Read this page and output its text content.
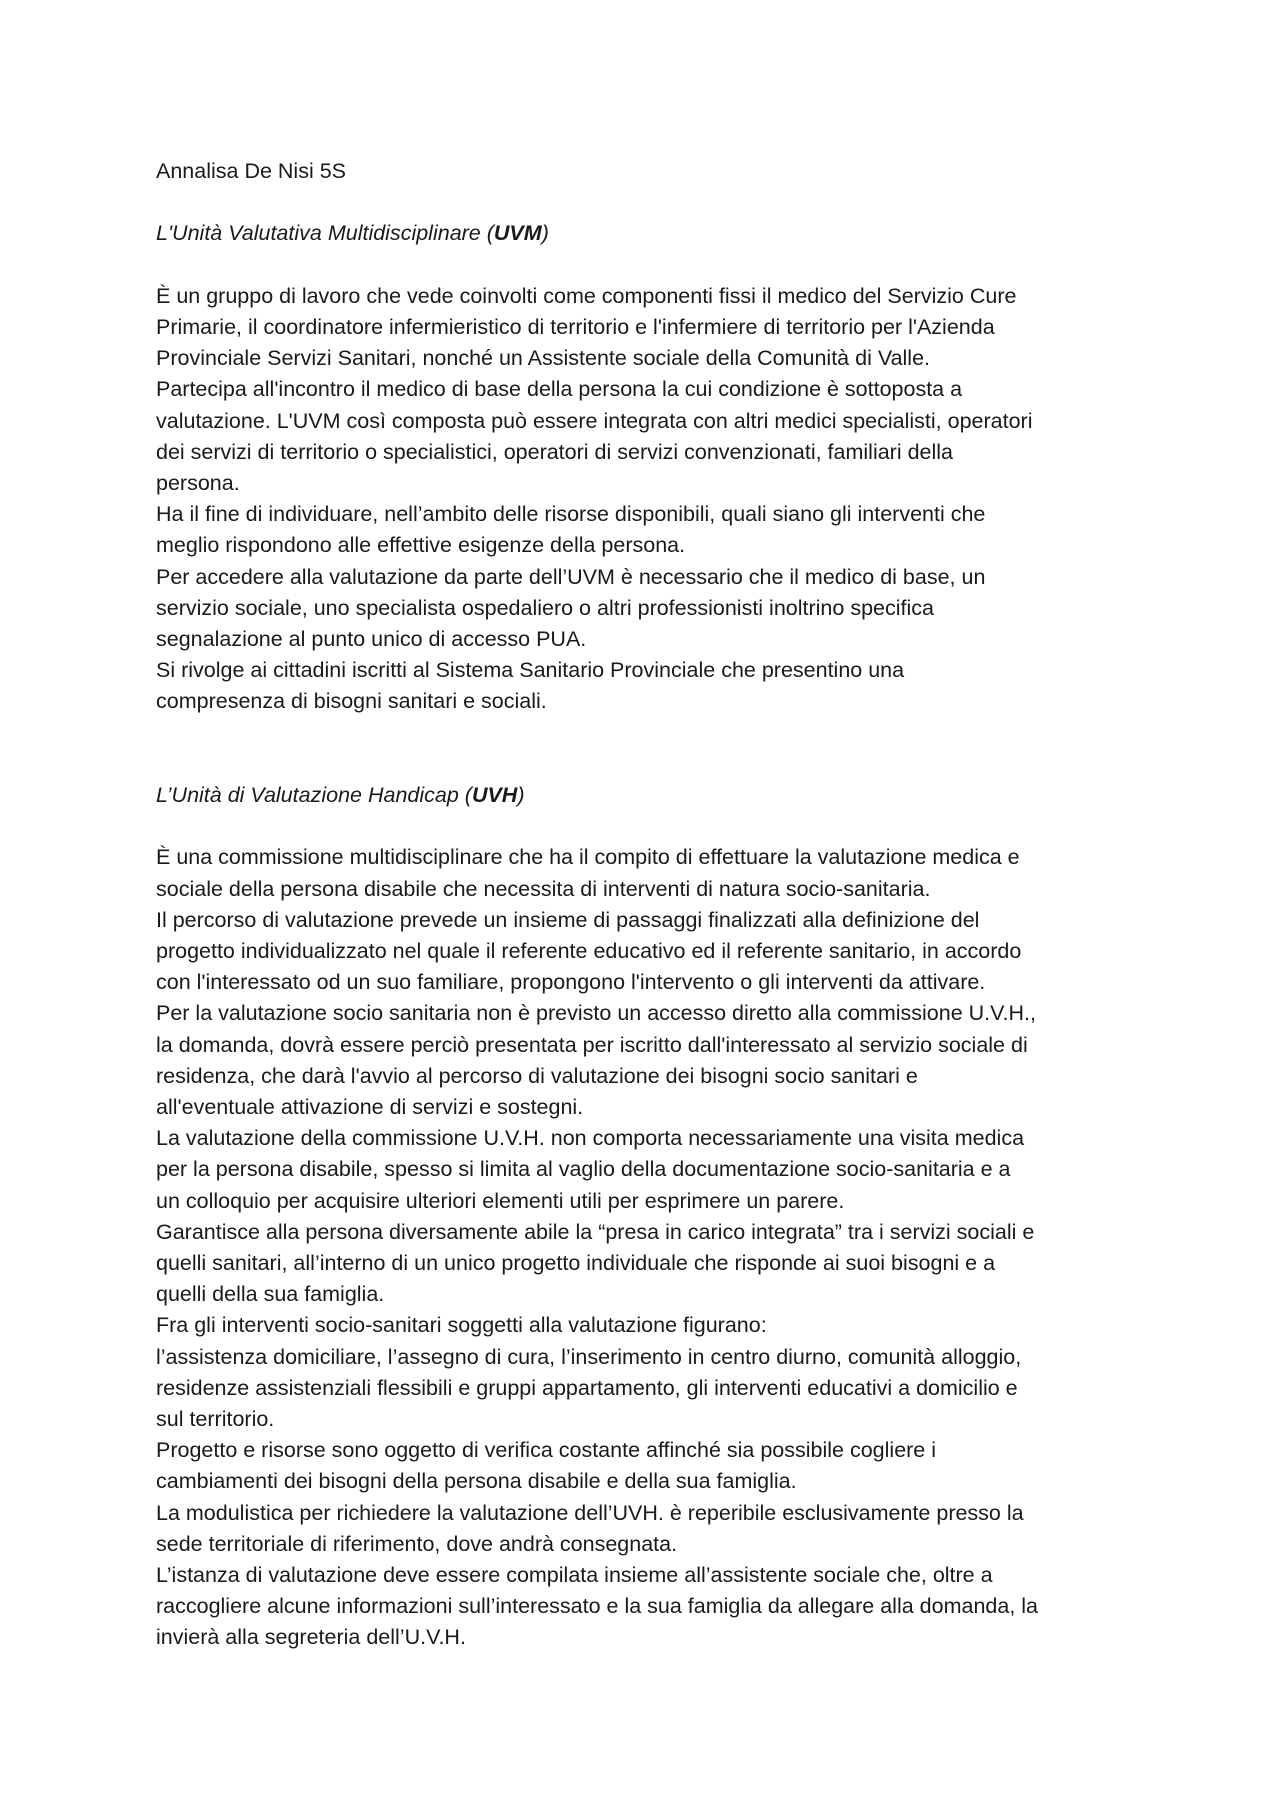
Annalisa De Nisi 5S
L'Unità Valutativa Multidisciplinare (UVM)
È un gruppo di lavoro che vede coinvolti come componenti fissi il medico del Servizio Cure
Primarie, il coordinatore infermieristico di territorio e l'infermiere di territorio per l'Azienda
Provinciale Servizi Sanitari, nonché un Assistente sociale della Comunità di Valle.
Partecipa all'incontro il medico di base della persona la cui condizione è sottoposta a
valutazione. L'UVM così composta può essere integrata con altri medici specialisti, operatori
dei servizi di territorio o specialistici, operatori di servizi convenzionati, familiari della
persona.
Ha il fine di individuare, nell’ambito delle risorse disponibili, quali siano gli interventi che
meglio rispondono alle effettive esigenze della persona.
Per accedere alla valutazione da parte dell’UVM è necessario che il medico di base, un
servizio sociale, uno specialista ospedaliero o altri professionisti inoltrino specifica
segnalazione al punto unico di accesso PUA.
Si rivolge ai cittadini iscritti al Sistema Sanitario Provinciale che presentino una
compresenza di bisogni sanitari e sociali.
L’Unità di Valutazione Handicap (UVH)
È una commissione multidisciplinare che ha il compito di effettuare la valutazione medica e
sociale della persona disabile che necessita di interventi di natura socio-sanitaria.
Il percorso di valutazione prevede un insieme di passaggi finalizzati alla definizione del
progetto individualizzato nel quale il referente educativo ed il referente sanitario, in accordo
con l'interessato od un suo familiare, propongono l'intervento o gli interventi da attivare.
Per la valutazione socio sanitaria non è previsto un accesso diretto alla commissione U.V.H.,
la domanda, dovrà essere perciò presentata per iscritto dall'interessato al servizio sociale di
residenza, che darà l'avvio al percorso di valutazione dei bisogni socio sanitari e
all'eventuale attivazione di servizi e sostegni.
La valutazione della commissione U.V.H. non comporta necessariamente una visita medica
per la persona disabile, spesso si limita al vaglio della documentazione socio-sanitaria e a
un colloquio per acquisire ulteriori elementi utili per esprimere un parere.
Garantisce alla persona diversamente abile la “presa in carico integrata” tra i servizi sociali e
quelli sanitari, all’interno di un unico progetto individuale che risponde ai suoi bisogni e a
quelli della sua famiglia.
Fra gli interventi socio-sanitari soggetti alla valutazione figurano:
l’assistenza domiciliare, l’assegno di cura, l’inserimento in centro diurno, comunità alloggio,
residenze assistenziali flessibili e gruppi appartamento, gli interventi educativi a domicilio e
sul territorio.
Progetto e risorse sono oggetto di verifica costante affinché sia possibile cogliere i
cambiamenti dei bisogni della persona disabile e della sua famiglia.
La modulistica per richiedere la valutazione dell’UVH. è reperibile esclusivamente presso la
sede territoriale di riferimento, dove andrà consegnata.
L’istanza di valutazione deve essere compilata insieme all’assistente sociale che, oltre a
raccogliere alcune informazioni sull’interessato e la sua famiglia da allegare alla domanda, la
invierà alla segreteria dell’U.V.H.
